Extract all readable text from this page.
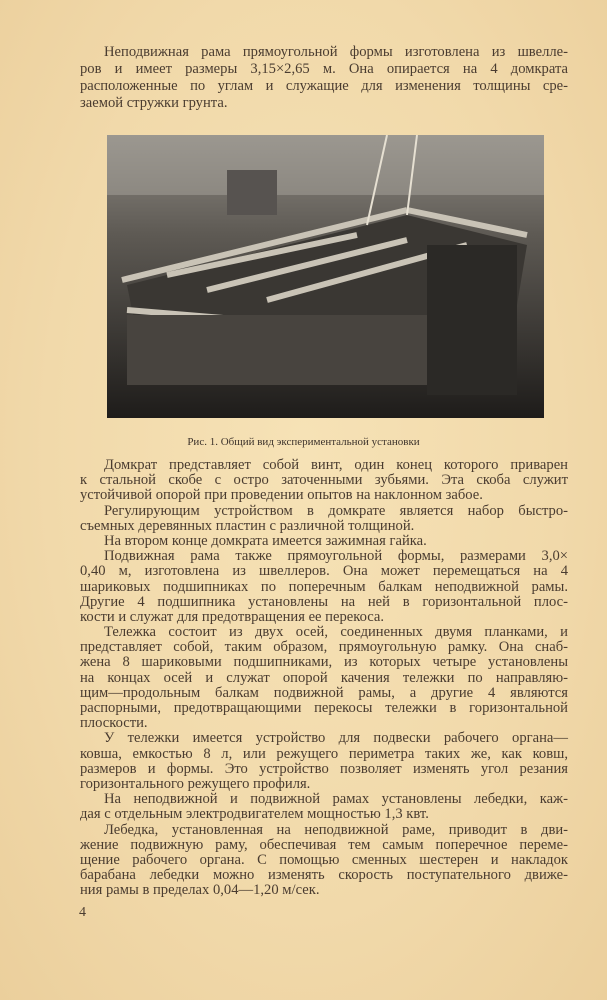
Неподвижная рама прямоугольной формы изготовлена из швелле-
ров и имеет размеры 3,15×2,65 м. Она опирается на 4 домкрата
расположенные по углам и служащие для изменения толщины сре-
заемой стружки грунта.
Рис. 1. Общий вид экспериментальной установки
Домкрат представляет собой винт, один конец которого приварен
к стальной скобе с остро заточенными зубьями. Эта скоба служит
устойчивой опорой при проведении опытов на наклонном забое.
Регулирующим устройством в домкрате является набор быстро-
съемных деревянных пластин с различной толщиной.
На втором конце домкрата имеется зажимная гайка.
Подвижная рама также прямоугольной формы, размерами 3,0×
0,40 м, изготовлена из швеллеров. Она может перемещаться на 4
шариковых подшипниках по поперечным балкам неподвижной рамы.
Другие 4 подшипника установлены на ней в горизонтальной плос-
кости и служат для предотвращения ее перекоса.
Тележка состоит из двух осей, соединенных двумя планками, и
представляет собой, таким образом, прямоугольную рамку. Она снаб-
жена 8 шариковыми подшипниками, из которых четыре установлены
на концах осей и служат опорой качения тележки по направляю-
щим—продольным балкам подвижной рамы, а другие 4 являются
распорными, предотвращающими перекосы тележки в горизонтальной
плоскости.
У тележки имеется устройство для подвески рабочего органа—
ковша, емкостью 8 л, или режущего периметра таких же, как ковш,
размеров и формы. Это устройство позволяет изменять угол резания
горизонтального режущего профиля.
На неподвижной и подвижной рамах установлены лебедки, каж-
дая с отдельным электродвигателем мощностью 1,3 квт.
Лебедка, установленная на неподвижной раме, приводит в дви-
жение подвижную раму, обеспечивая тем самым поперечное переме-
щение рабочего органа. С помощью сменных шестерен и накладок
барабана лебедки можно изменять скорость поступательного движе-
ния рамы в пределах 0,04—1,20 м/сек.
4
